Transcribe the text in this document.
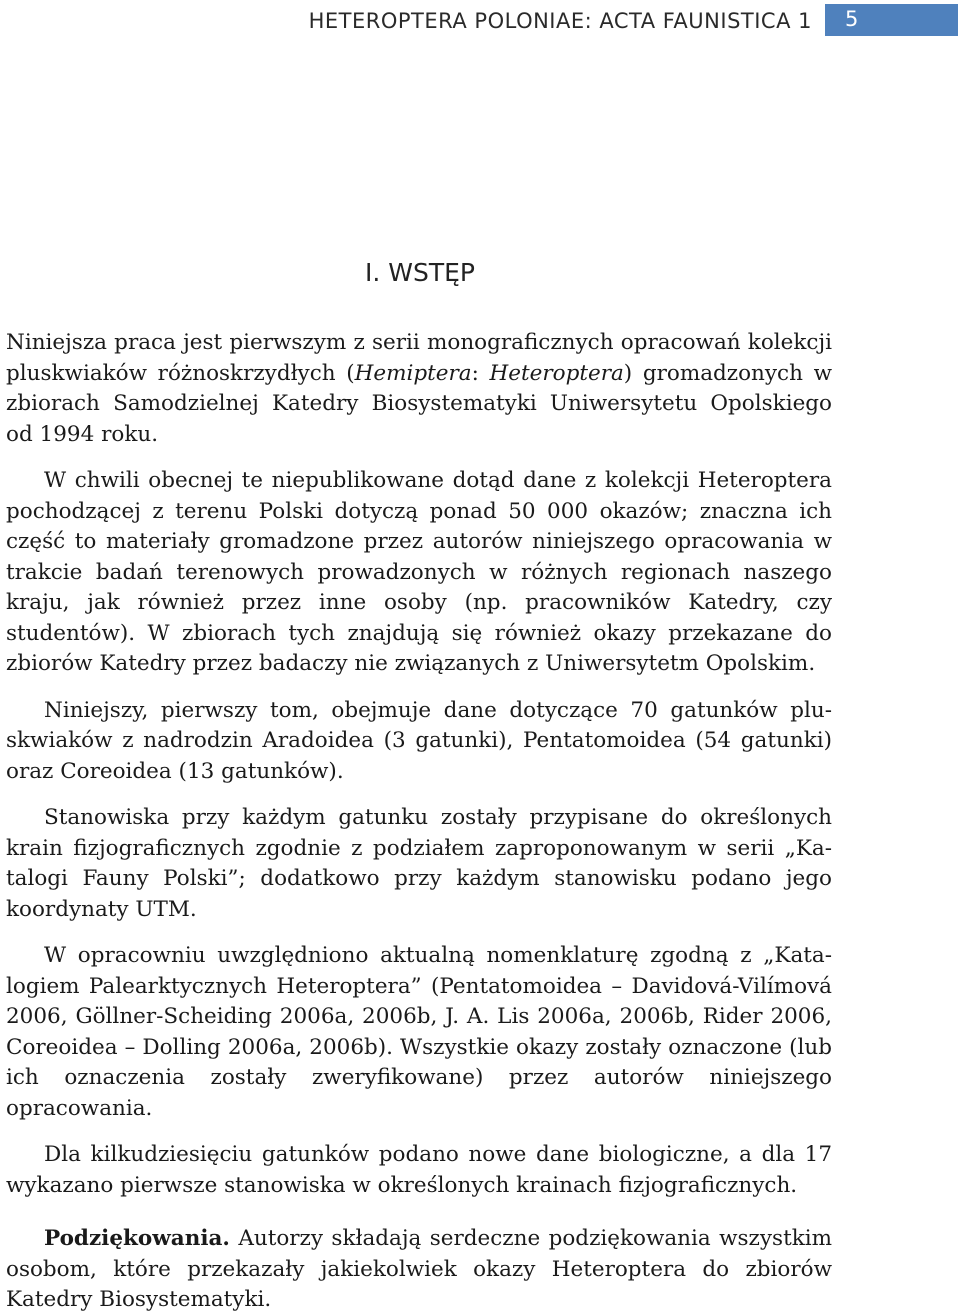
HETEROPTERA POLONIAE: ACTA FAUNISTICA 1 5
I. WSTĘP

Niniejsza praca jest pierwszym z serii monograficznych opracowań kolekcji pluskwiaków różnoskrzydłych (Hemiptera: Heteroptera) gromadzonych w zbiorach Samodzielnej Katedry Biosystematyki Uniwersytetu Opolskiego od 1994 roku.

W chwili obecnej te niepublikowane dotąd dane z kolekcji Heteroptera pochodzącej z terenu Polski dotyczą ponad 50 000 okazów; znaczna ich część to materiały gromadzone przez autorów niniejszego opracowania w trakcie badań terenowych prowadzonych w różnych regionach naszego kraju, jak również przez inne osoby (np. pracowników Katedry, czy studentów). W zbiorach tych znajdują się również okazy przekazane do zbiorów Katedry przez badaczy nie związanych z Uniwersytetm Opolskim.

Niniejszy, pierwszy tom, obejmuje dane dotyczące 70 gatunków pluskwiaków z nadrodzin Aradoidea (3 gatunki), Pentatomoidea (54 gatunki) oraz Coreoidea (13 gatunków).

Stanowiska przy każdym gatunku zostały przypisane do określonych krain fizjograficznych zgodnie z podziałem zaproponowanym w serii „Katalogi Fauny Polski”; dodatkowo przy każdym stanowisku podano jego koordynaty UTM.

W opracowniu uwzględniono aktualną nomenklaturę zgodną z „Katalogiem Palearktycznych Heteroptera” (Pentatomoidea – Davidová-Vilímová 2006, Göllner-Scheiding 2006a, 2006b, J. A. Lis 2006a, 2006b, Rider 2006, Coreoidea – Dolling 2006a, 2006b). Wszystkie okazy zostały oznaczone (lub ich oznaczenia zostały zweryfikowane) przez autorów niniejszego opracowania.

Dla kilkudziesięciu gatunków podano nowe dane biologiczne, a dla 17 wykazano pierwsze stanowiska w określonych krainach fizjograficznych.

Podziękowania. Autorzy składają serdeczne podziękowania wszystkim osobom, które przekazały jakiekolwiek okazy Heteroptera do zbiorów Katedry Biosystematyki.
